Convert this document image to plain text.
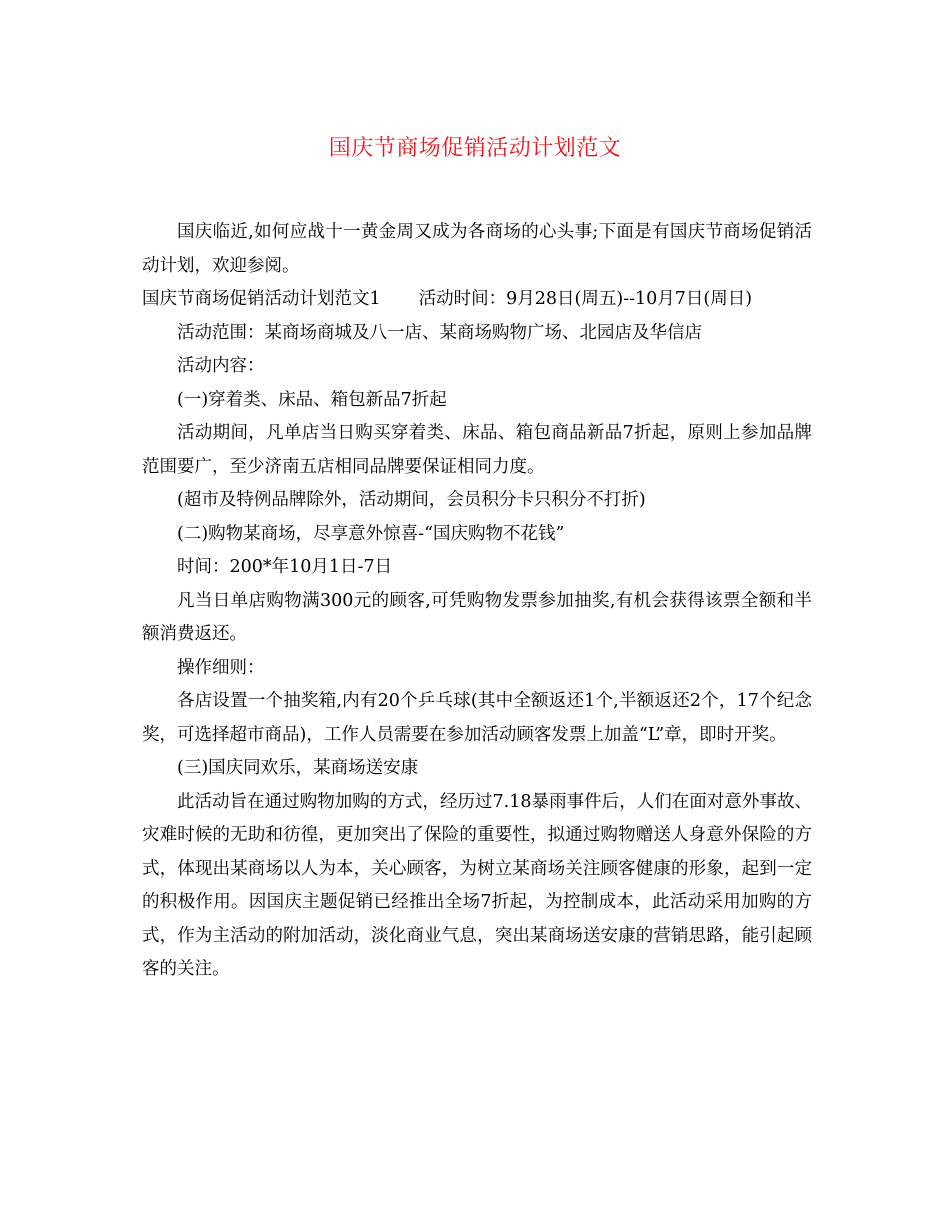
国庆节商场促销活动计划范文

国庆临近,如何应战十一黄金周又成为各商场的心头事;下面是有国庆节商场促销活动计划，欢迎参阅。

国庆节商场促销活动计划范文1 活动时间：9月28日(周五)--10月7日(周日)

活动范围：某商场商城及八一店、某商场购物广场、北园店及华信店

活动内容：

(一)穿着类、床品、箱包新品7折起

活动期间，凡单店当日购买穿着类、床品、箱包商品新品7折起，原则上参加品牌范围要广，至少济南五店相同品牌要保证相同力度。

(超市及特例品牌除外，活动期间，会员积分卡只积分不打折)

(二)购物某商场，尽享意外惊喜-“国庆购物不花钱”

时间：200*年10月1日-7日

凡当日单店购物满300元的顾客,可凭购物发票参加抽奖,有机会获得该票全额和半额消费返还。

操作细则：

各店设置一个抽奖箱,内有20个乒乓球(其中全额返还1个,半额返还2个，17个纪念奖，可选择超市商品)，工作人员需要在参加活动顾客发票上加盖“L”章，即时开奖。

(三)国庆同欢乐，某商场送安康

此活动旨在通过购物加购的方式，经历过7.18暴雨事件后，人们在面对意外事故、灾难时候的无助和彷徨，更加突出了保险的重要性，拟通过购物赠送人身意外保险的方式，体现出某商场以人为本，关心顾客，为树立某商场关注顾客健康的形象，起到一定的积极作用。因国庆主题促销已经推出全场7折起，为控制成本，此活动采用加购的方式，作为主活动的附加活动，淡化商业气息，突出某商场送安康的营销思路，能引起顾客的关注。
